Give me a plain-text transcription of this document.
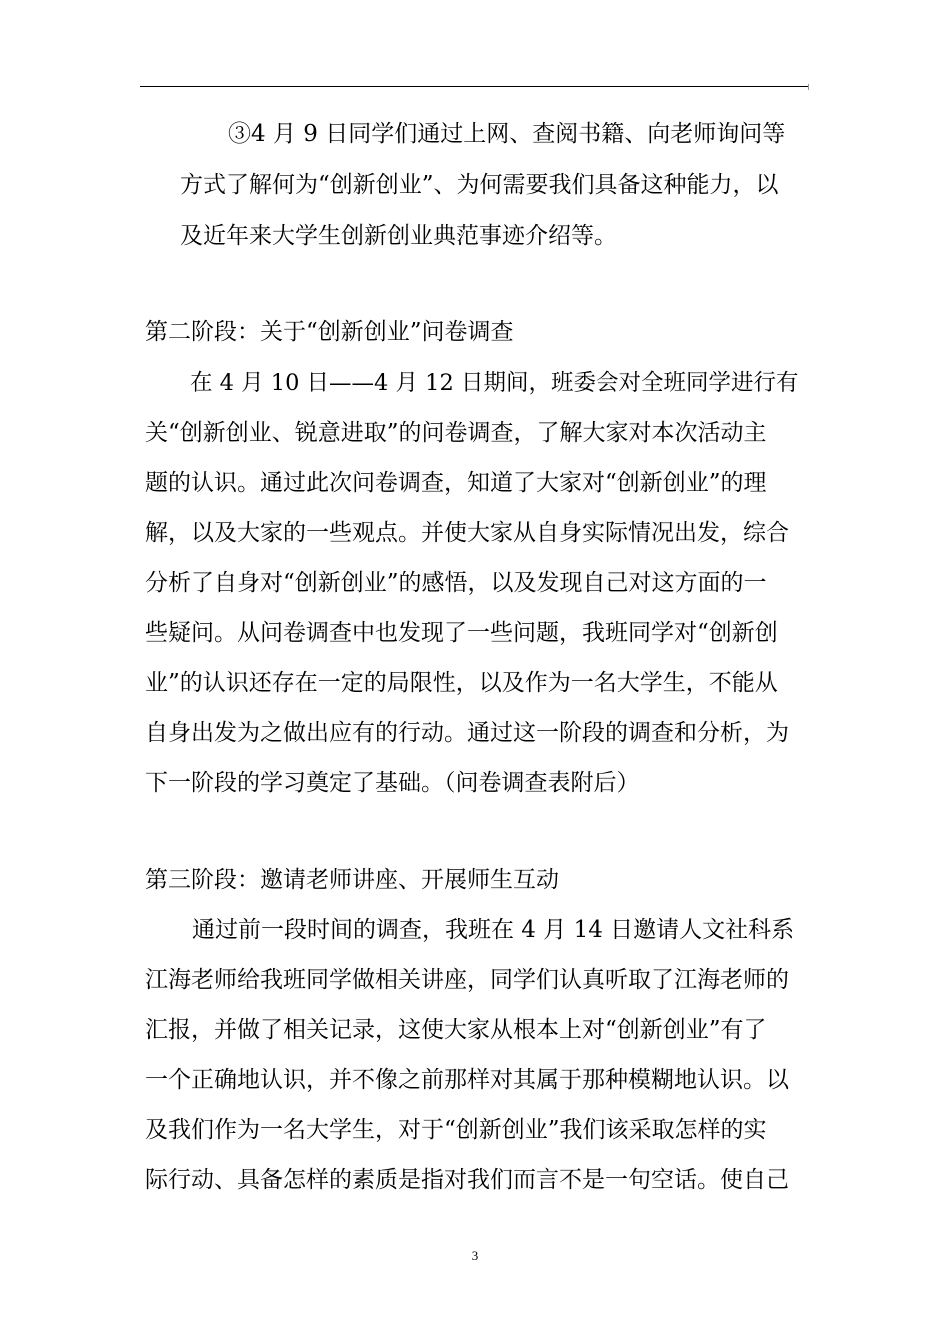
③4 月 9 日同学们通过上网、查阅书籍、向老师询问等
方式了解何为“创新创业”、为何需要我们具备这种能力，以
及近年来大学生创新创业典范事迹介绍等。
第二阶段：关于“创新创业”问卷调查
在 4 月 10 日——4 月 12 日期间，班委会对全班同学进行有
关“创新创业、锐意进取”的问卷调查，了解大家对本次活动主
题的认识。通过此次问卷调查，知道了大家对“创新创业”的理
解，以及大家的一些观点。并使大家从自身实际情况出发，综合
分析了自身对“创新创业”的感悟，以及发现自己对这方面的一
些疑问。从问卷调查中也发现了一些问题，我班同学对“创新创
业”的认识还存在一定的局限性，以及作为一名大学生，不能从
自身出发为之做出应有的行动。通过这一阶段的调查和分析，为
下一阶段的学习奠定了基础。（问卷调查表附后）
第三阶段：邀请老师讲座、开展师生互动
通过前一段时间的调查，我班在 4 月 14 日邀请人文社科系
江海老师给我班同学做相关讲座，同学们认真听取了江海老师的
汇报，并做了相关记录，这使大家从根本上对“创新创业”有了
一个正确地认识，并不像之前那样对其属于那种模糊地认识。以
及我们作为一名大学生，对于“创新创业”我们该采取怎样的实
际行动、具备怎样的素质是指对我们而言不是一句空话。使自己
3
